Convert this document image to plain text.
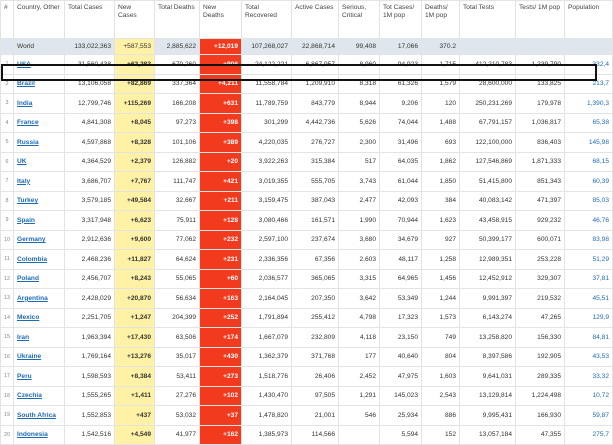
#	Country, Other	Total Cases	New Cases	Total Deaths	New Deaths	Total Recovered	Active Cases	Serious, Critical	Tot Cases/ 1M pop	Deaths/ 1M pop	Total Tests	Tests/ 1M pop	Population
	World	133,022,363	+587,553	2,885,622	+12,019	107,268,027	22,868,714	99,408	17,066	370.2			
1	USA	31,560,438	+62,283	670,260	+906	24,122,221	6,867,957	8,960	94,923	1,715	412,210,783	1,239,790	332,4
2	Brazil	13,106,058	+82,869	337,364	+4,211	11,558,784	1,209,910	8,318	61,326	1,579	28,600,000	133,825	213,7
3	India	12,799,746	+115,269	166,208	+631	11,789,759	843,779	8,944	9,206	120	250,231,269	179,978	1,390,3
4	France	4,841,308	+8,045	97,273	+398	301,299	4,442,736	5,626	74,044	1,488	67,791,157	1,036,817	65,38
5	Russia	4,597,868	+8,328	101,106	+389	4,220,035	276,727	2,300	31,496	693	122,100,000	836,403	145,98
6	UK	4,364,529	+2,379	126,882	+20	3,922,263	315,384	517	64,035	1,862	127,546,869	1,871,333	68,15
7	Italy	3,686,707	+7,767	111,747	+421	3,019,355	555,705	3,743	61,044	1,850	51,415,800	851,343	60,39
8	Turkey	3,579,185	+49,584	32,667	+211	3,159,475	387,043	2,477	42,093	384	40,083,142	471,397	85,03
9	Spain	3,317,948	+6,623	75,911	+128	3,080,466	161,571	1,990	70,944	1,623	43,458,915	929,232	46,76
10	Germany	2,912,636	+9,600	77,062	+232	2,597,100	237,674	3,680	34,679	927	50,399,177	600,071	83,98
11	Colombia	2,468,236	+11,827	64,624	+231	2,336,356	67,356	2,603	48,117	1,258	12,989,351	253,228	51,29
12	Poland	2,456,707	+8,243	55,065	+60	2,036,577	365,065	3,315	64,965	1,456	12,452,912	329,307	37,81
13	Argentina	2,428,029	+20,870	56,634	+163	2,164,045	207,350	3,642	53,349	1,244	9,991,397	219,532	45,51
14	Mexico	2,251,705	+1,247	204,399	+252	1,791,894	255,412	4,798	17,323	1,573	6,143,274	47,265	129,9
15	Iran	1,963,394	+17,430	63,506	+174	1,667,079	232,809	4,118	23,150	749	13,258,820	156,330	84,81
16	Ukraine	1,769,164	+13,276	35,017	+430	1,362,379	371,768	177	40,640	804	8,397,586	192,905	43,53
17	Peru	1,598,593	+8,384	53,411	+273	1,518,776	26,406	2,452	47,975	1,603	9,641,031	289,335	33,32
18	Czechia	1,555,265	+1,411	27,276	+102	1,430,470	97,505	1,291	145,023	2,543	13,129,814	1,224,498	10,72
19	South Africa	1,552,853	+437	53,032	+37	1,478,820	21,001	546	25,934	886	9,995,431	166,930	59,87
20	Indonesia	1,542,516	+4,549	41,977	+162	1,385,973	114,566		5,594	152	13,057,184	47,355	275,7
